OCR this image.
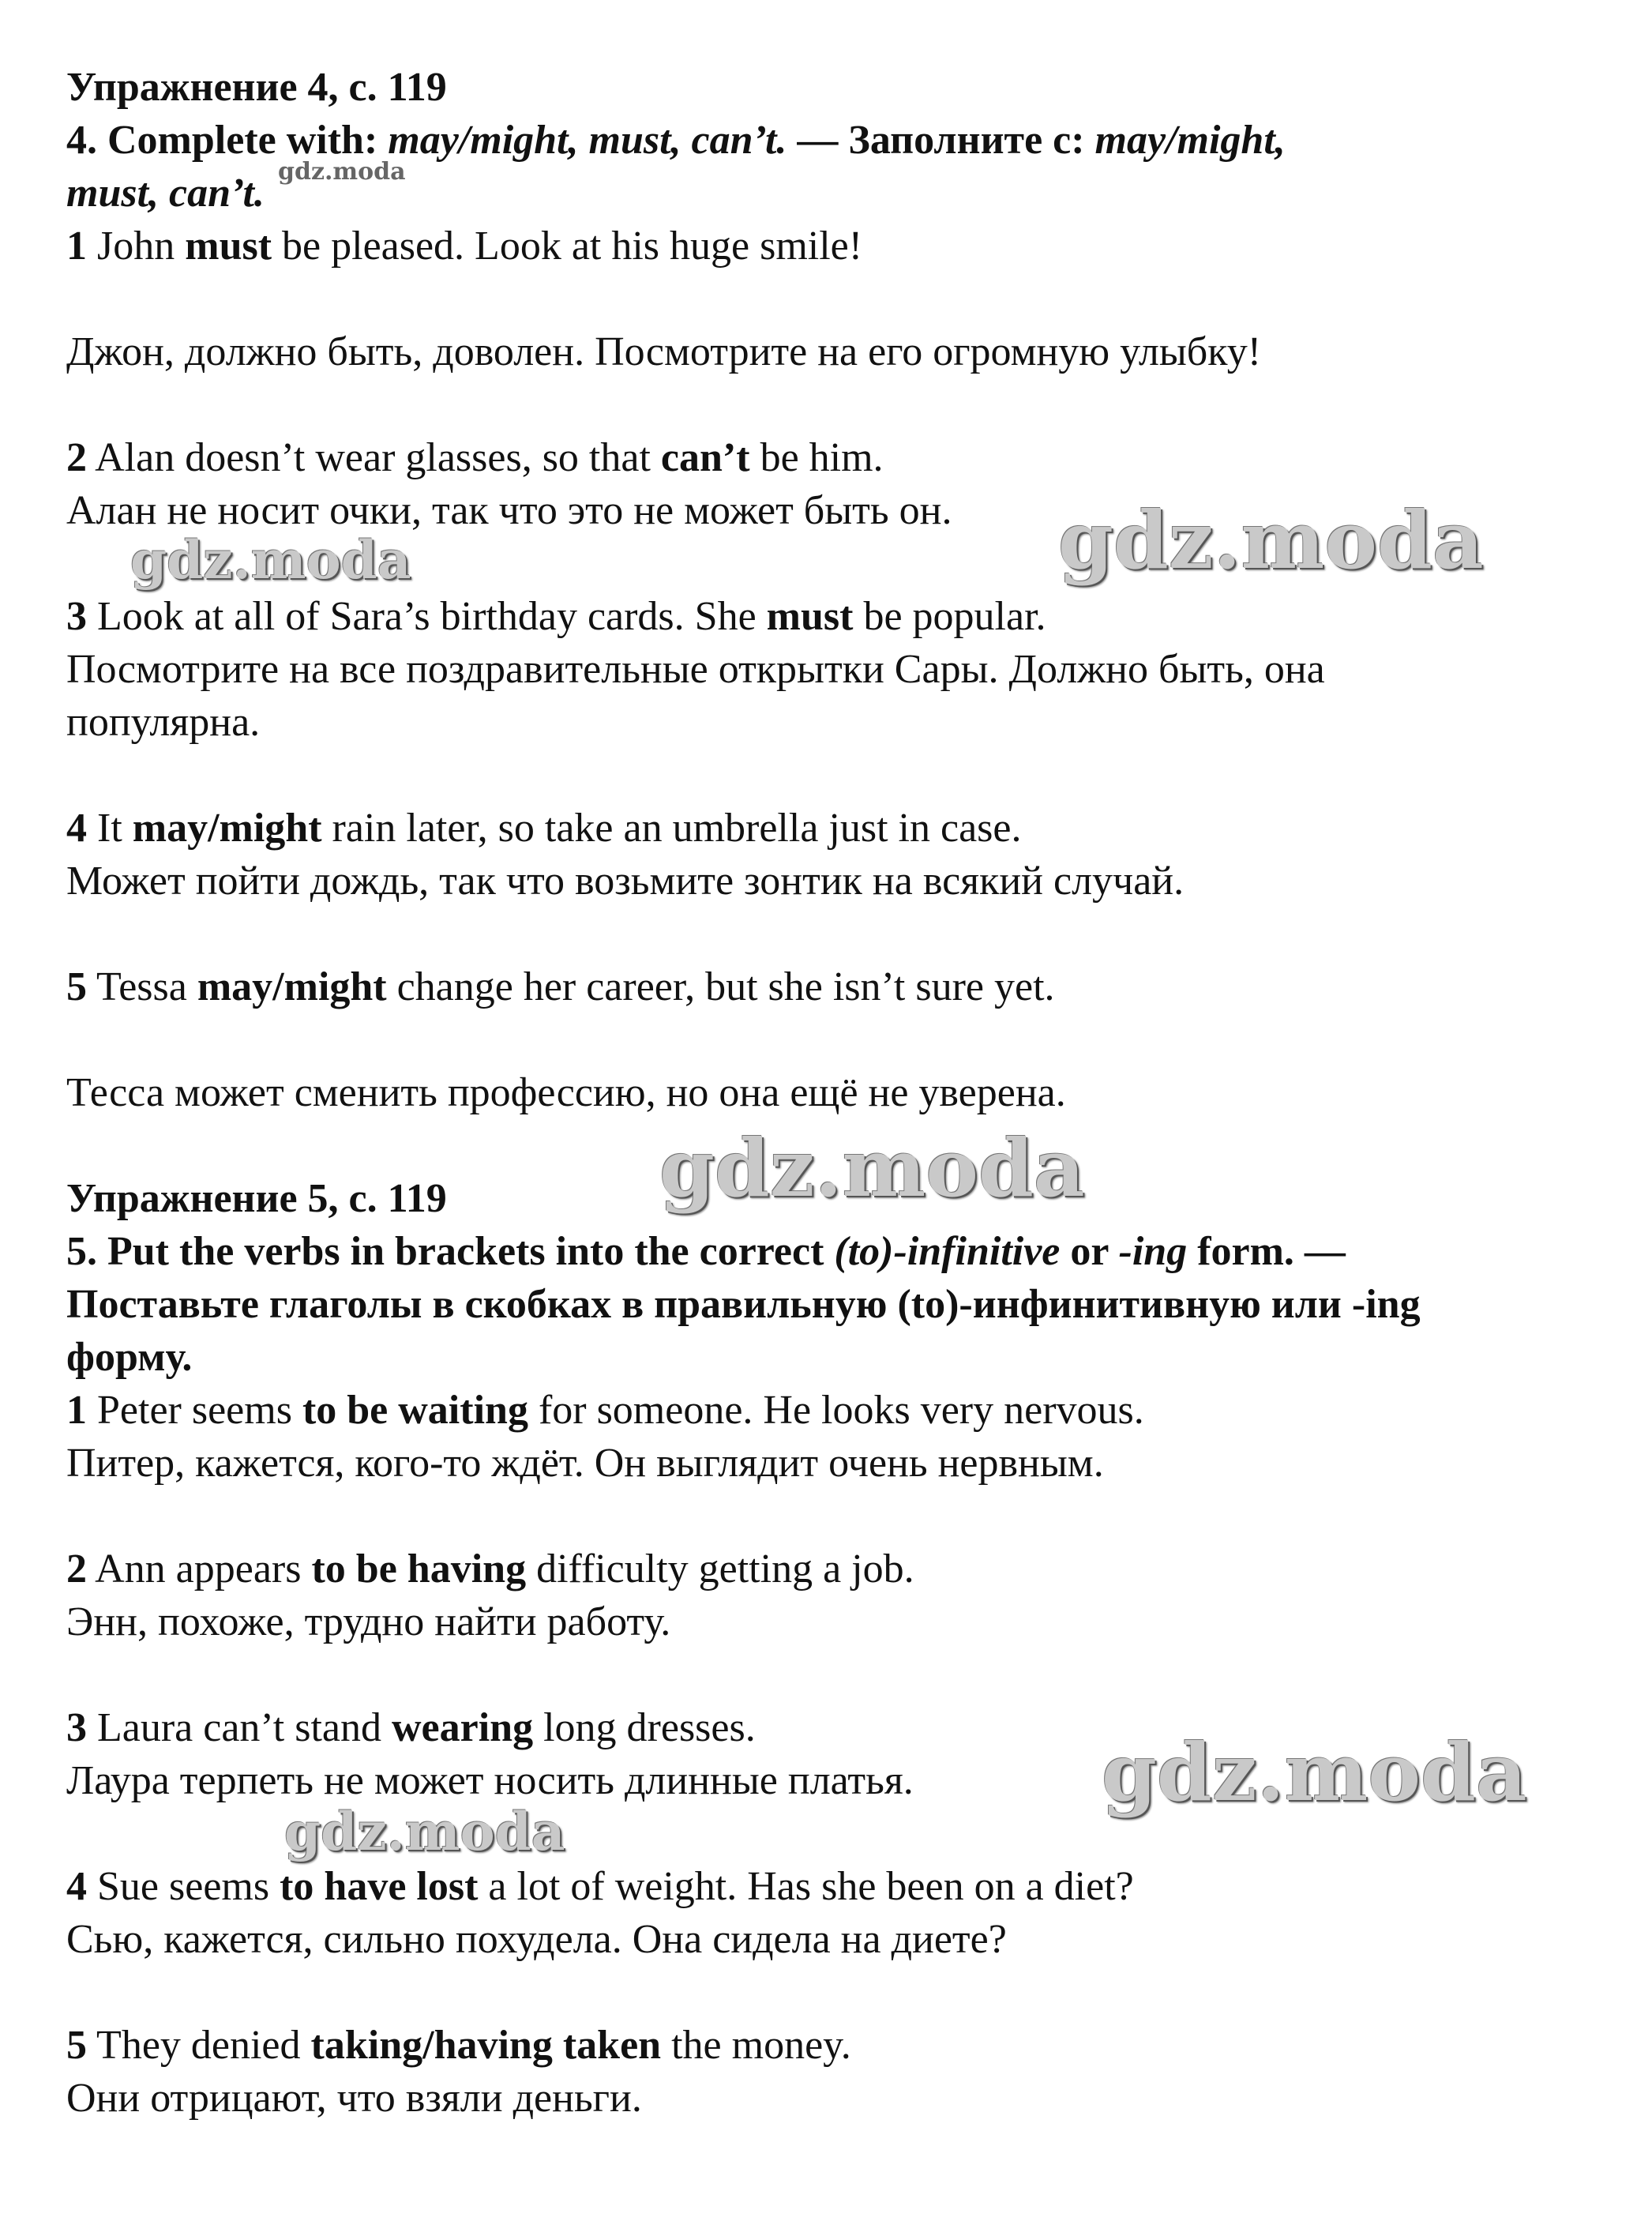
Упражнение 4, с. 119
4. Complete with: may/might, must, can’t. — Заполните с: may/might,
must, can’t.
1 John must be pleased. Look at his huge smile!
Джон, должно быть, доволен. Посмотрите на его огромную улыбку!
2 Alan doesn’t wear glasses, so that can’t be him.
Алан не носит очки, так что это не может быть он.
3 Look at all of Sara’s birthday cards. She must be popular.
Посмотрите на все поздравительные открытки Сары. Должно быть, она
популярна.
4 It may/might rain later, so take an umbrella just in case.
Может пойти дождь, так что возьмите зонтик на всякий случай.
5 Tessa may/might change her career, but she isn’t sure yet.
Тесса может сменить профессию, но она ещё не уверена.
Упражнение 5, с. 119
5. Put the verbs in brackets into the correct (to)-infinitive or -ing form. —
Поставьте глаголы в скобках в правильную (to)-инфинитивную или -ing
форму.
1 Peter seems to be waiting for someone. He looks very nervous.
Питер, кажется, кого-то ждёт. Он выглядит очень нервным.
2 Ann appears to be having difficulty getting a job.
Энн, похоже, трудно найти работу.
3 Laura can’t stand wearing long dresses.
Лаура терпеть не может носить длинные платья.
4 Sue seems to have lost a lot of weight. Has she been on a diet?
Сью, кажется, сильно похудела. Она сидела на диете?
5 They denied taking/having taken the money.
Они отрицают, что взяли деньги.
gdz.moda
gdz.moda
gdz.moda
gdz.moda
gdz.moda
gdz.moda
